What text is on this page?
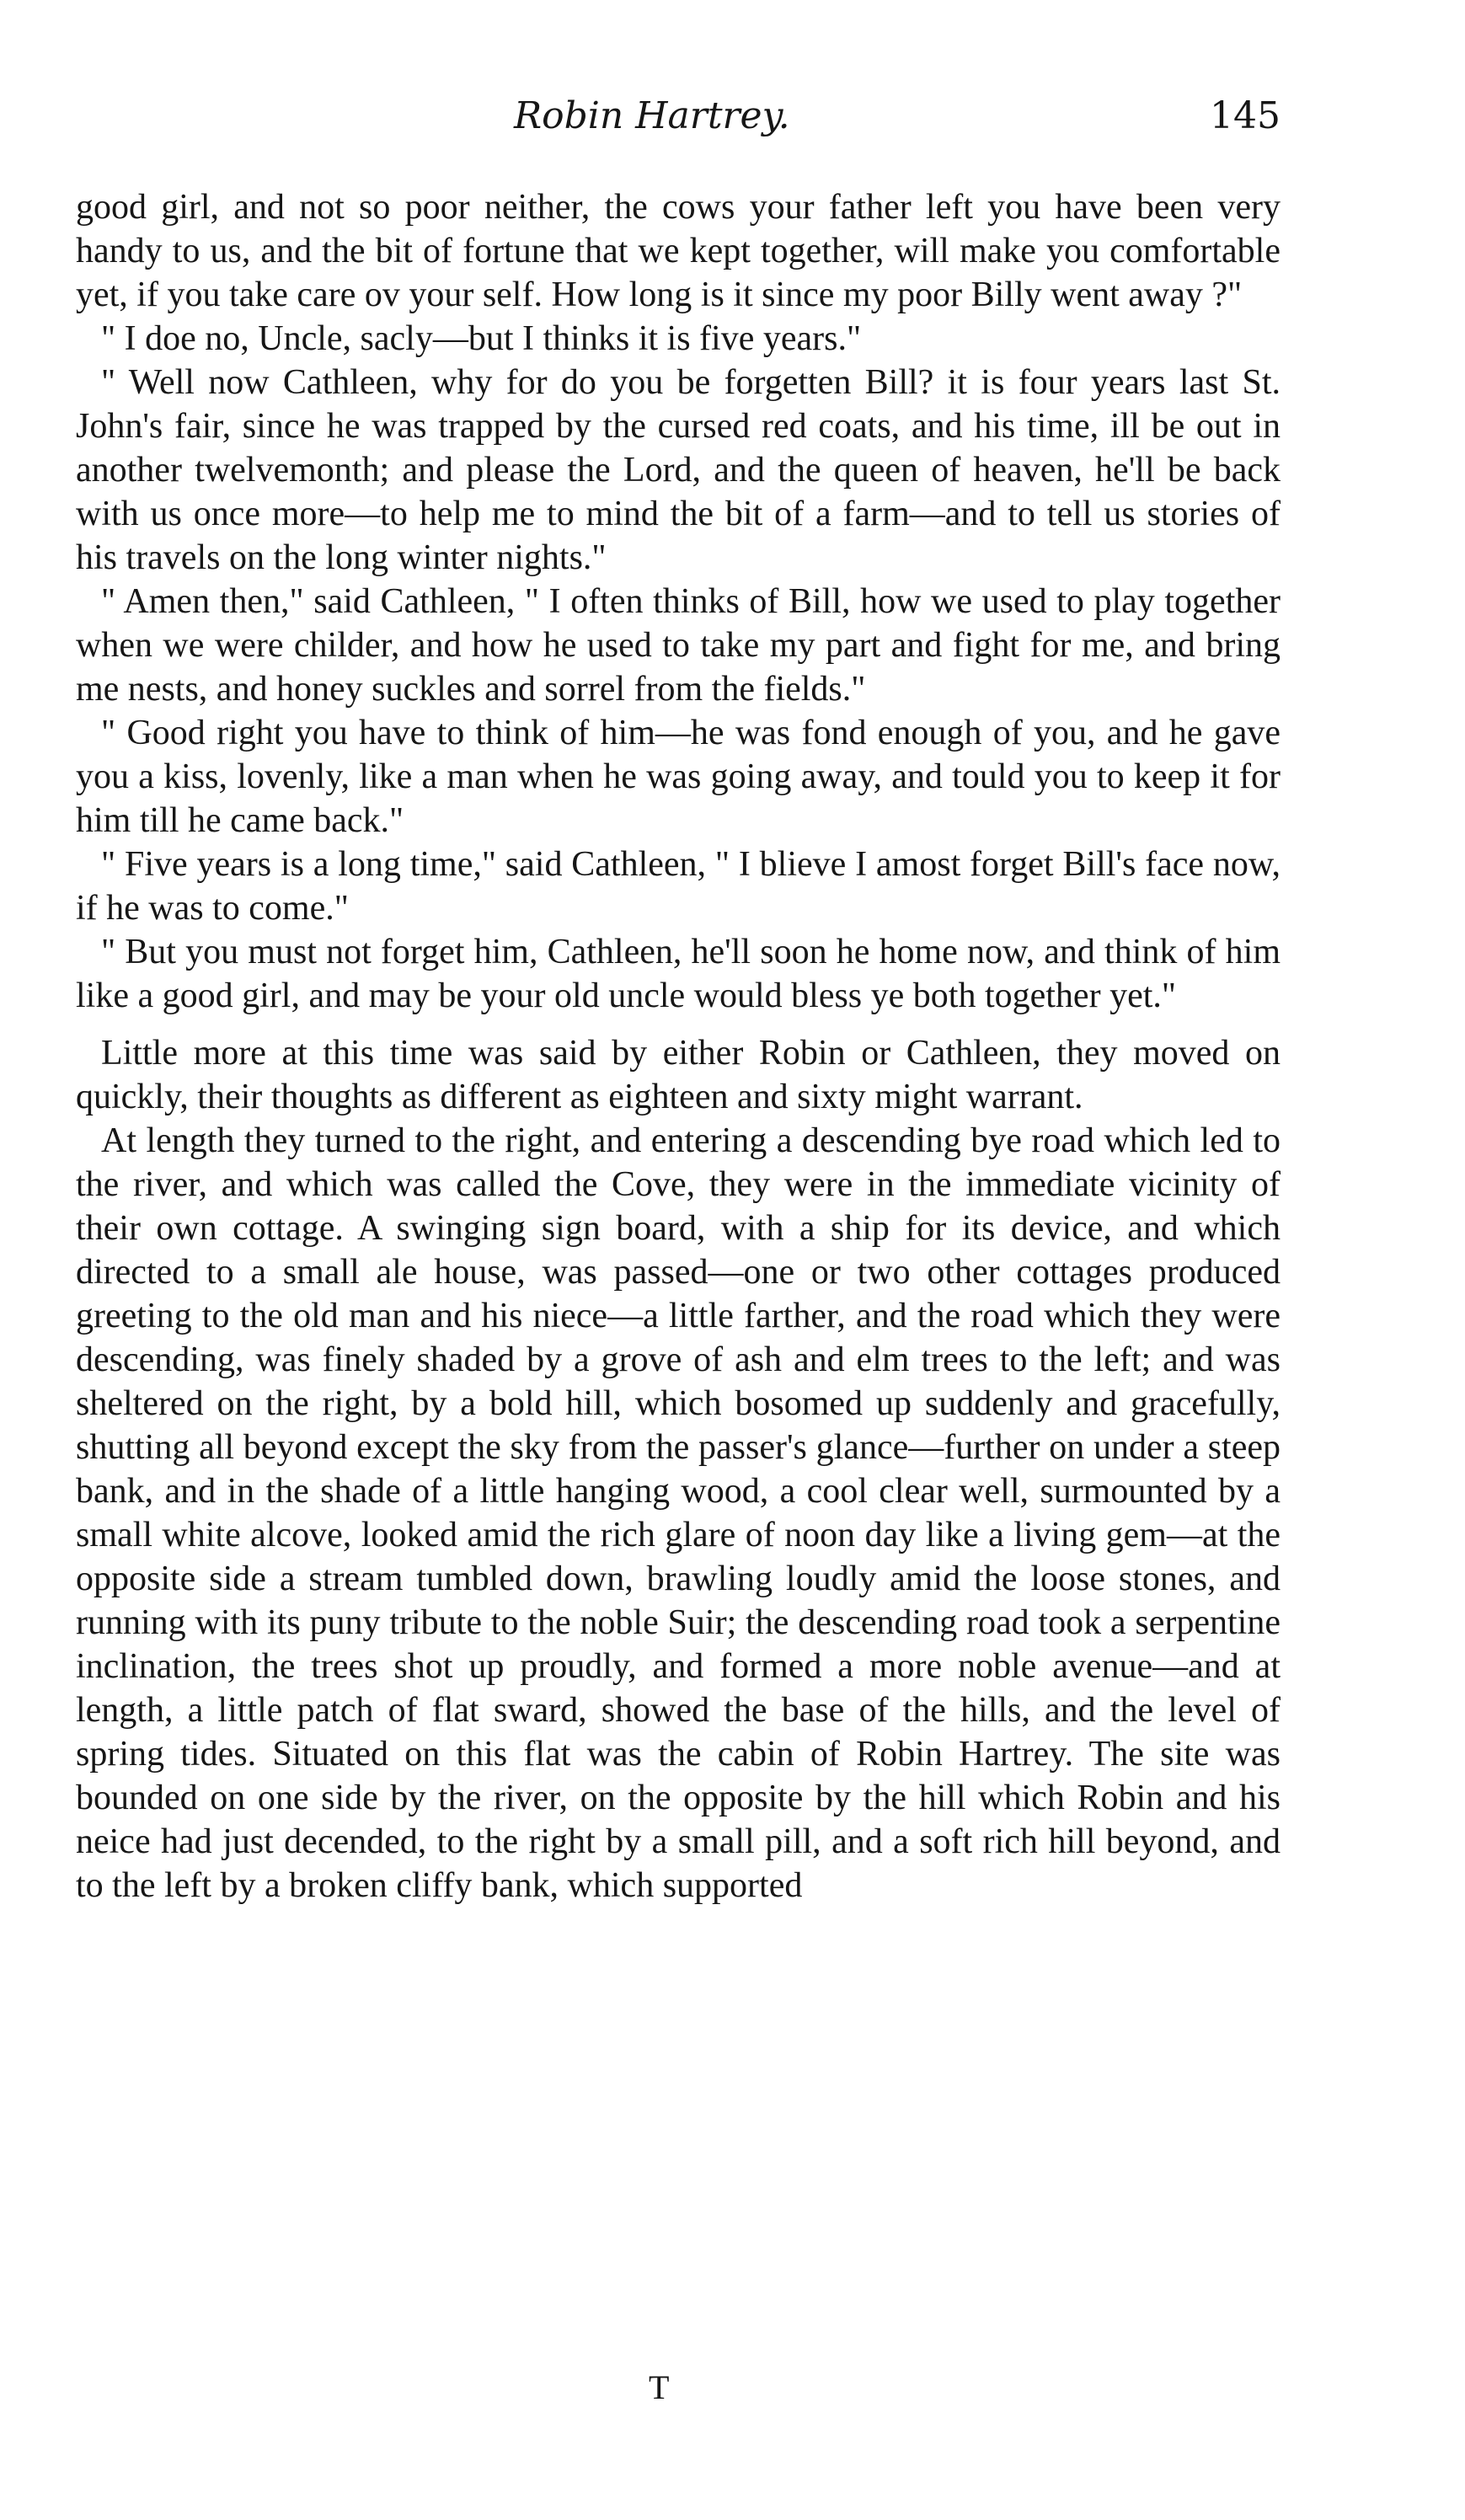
Robin Hartrey.	145

good girl, and not so poor neither, the cows your father left you have been very handy to us, and the bit of fortune that we kept together, will make you comfortable yet, if you take care ov your self. How long is it since my poor Billy went away ?"

" I doe no, Uncle, sacly—but I thinks it is five years."

" Well now Cathleen, why for do you be forgetten Bill? it is four years last St. John's fair, since he was trapped by the cursed red coats, and his time, ill be out in another twelvemonth; and please the Lord, and the queen of heaven, he'll be back with us once more—to help me to mind the bit of a farm—and to tell us stories of his travels on the long winter nights."

" Amen then," said Cathleen, " I often thinks of Bill, how we used to play together when we were childer, and how he used to take my part and fight for me, and bring me nests, and honey suckles and sorrel from the fields."

" Good right you have to think of him—he was fond enough of you, and he gave you a kiss, lovenly, like a man when he was going away, and tould you to keep it for him till he came back."

" Five years is a long time," said Cathleen, " I blieve I amost forget Bill's face now, if he was to come."

" But you must not forget him, Cathleen, he'll soon he home now, and think of him like a good girl, and may be your old uncle would bless ye both together yet."

Little more at this time was said by either Robin or Cathleen, they moved on quickly, their thoughts as different as eighteen and sixty might warrant.

At length they turned to the right, and entering a descending bye road which led to the river, and which was called the Cove, they were in the immediate vicinity of their own cottage. A swinging sign board, with a ship for its device, and which directed to a small ale house, was passed—one or two other cottages produced greeting to the old man and his niece—a little farther, and the road which they were descending, was finely shaded by a grove of ash and elm trees to the left; and was sheltered on the right, by a bold hill, which bosomed up suddenly and gracefully, shutting all beyond except the sky from the passer's glance—further on under a steep bank, and in the shade of a little hanging wood, a cool clear well, surmounted by a small white alcove, looked amid the rich glare of noon day like a living gem—at the opposite side a stream tumbled down, brawling loudly amid the loose stones, and running with its puny tribute to the noble Suir; the descending road took a serpentine inclination, the trees shot up proudly, and formed a more noble avenue—and at length, a little patch of flat sward, showed the base of the hills, and the level of spring tides. Situated on this flat was the cabin of Robin Hartrey. The site was bounded on one side by the river, on the opposite by the hill which Robin and his neice had just decended, to the right by a small pill, and a soft rich hill beyond, and to the left by a broken cliffy bank, which supported

T
